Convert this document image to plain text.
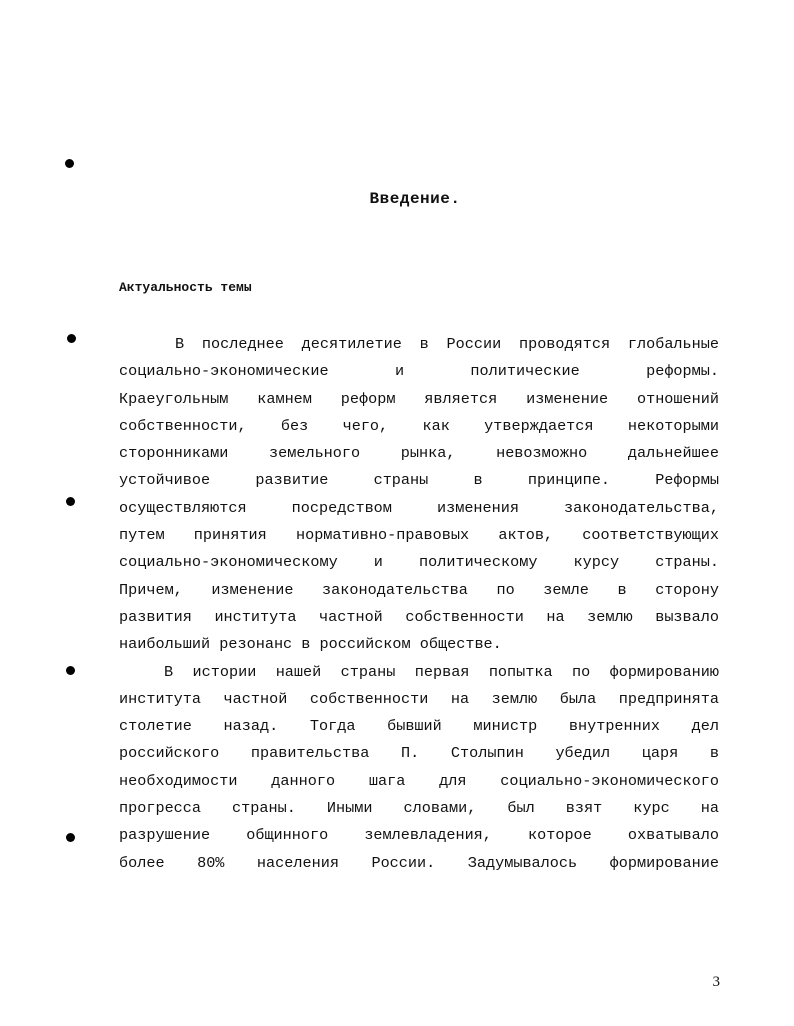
Введение.
Актуальность темы
В последнее десятилетие в России проводятся глобальные
социально-экономические и политические реформы.
Краеугольным камнем реформ является изменение отношений
собственности, без чего, как утверждается некоторыми
сторонниками земельного рынка, невозможно дальнейшее
устойчивое развитие страны в принципе. Реформы
осуществляются посредством изменения законодательства,
путем принятия нормативно-правовых актов, соответствующих
социально-экономическому и политическому курсу страны.
Причем, изменение законодательства по земле в сторону
развития института частной собственности на землю вызвало
наибольший резонанс в российском обществе.
В истории нашей страны первая попытка по формированию
института частной собственности на землю была предпринята
столетие назад. Тогда бывший министр внутренних дел
российского правительства П. Столыпин убедил царя в
необходимости данного шага для социально-экономического
прогресса страны. Иными словами, был взят курс на
разрушение общинного землевладения, которое охватывало
более 80% населения России. Задумывалось формирование
3
